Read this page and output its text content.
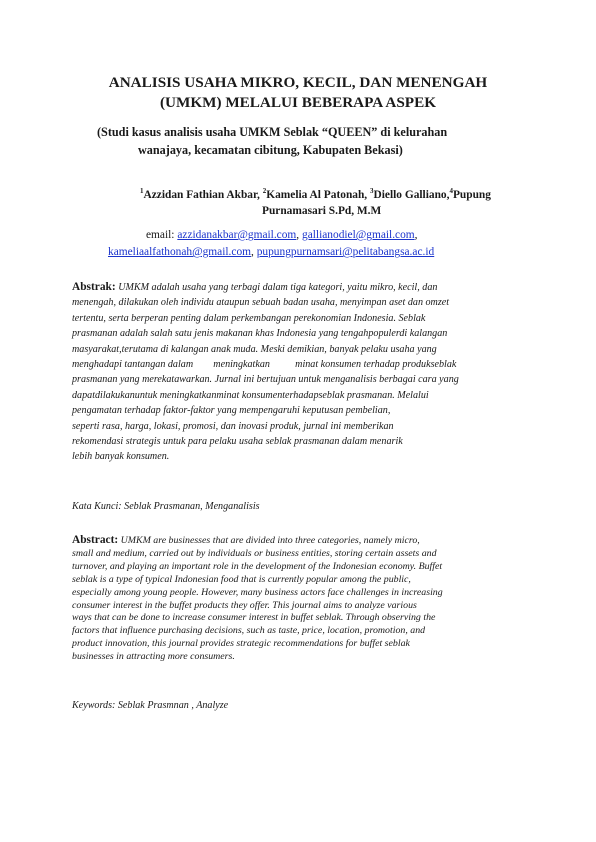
ANALISIS USAHA MIKRO, KECIL, DAN MENENGAH
(UMKM) MELALUI BEBERAPA ASPEK
(Studi kasus analisis usaha UMKM Seblak “QUEEN” di kelurahan
wanajaya, kecamatan cibitung, Kabupaten Bekasi)
$^1$Azzidan Fathian Akbar, $^2$Kamelia Al Patonah, $^3$Diello Galliano,$^4$Pupung
Purnamasari S.Pd, M.M
email: azzidanakbar@gmail.com, gallianodiel@gmail.com,
kameliaalfathonah@gmail.com, pupungpurnamsari@pelitabangsa.ac.id
Abstrak: UMKM adalah usaha yang terbagi dalam tiga kategori, yaitu mikro, kecil, dan
menengah, dilakukan oleh individu ataupun sebuah badan usaha, menyimpan aset dan omzet
tertentu, serta berperan penting dalam perkembangan perekonomian Indonesia. Seblak
prasmanan adalah salah satu jenis makanan khas Indonesia yang tengahpopulerdi kalangan
masyarakat,terutama di kalangan anak muda. Meski demikian, banyak pelaku usaha yang
menghadapi tantangan dalam        meningkatkan          minat konsumen terhadap produkseblak
prasmanan yang merekatawarkan. Jurnal ini bertujuan untuk menganalisis berbagai cara yang
dapatdilakukanuntuk meningkatkanminat konsumenterhadapseblak prasmanan. Melalui
pengamatan terhadap faktor-faktor yang mempengaruhi keputusan pembelian,
seperti rasa, harga, lokasi, promosi, dan inovasi produk, jurnal ini memberikan
rekomendasi strategis untuk para pelaku usaha seblak prasmanan dalam menarik
lebih banyak konsumen.
Kata Kunci: Seblak Prasmanan, Menganalisis
Abstract: UMKM are businesses that are divided into three categories, namely micro,
small and medium, carried out by individuals or business entities, storing certain assets and
turnover, and playing an important role in the development of the Indonesian economy. Buffet
seblak is a type of typical Indonesian food that is currently popular among the public,
especially among young people. However, many business actors face challenges in increasing
consumer interest in the buffet products they offer. This journal aims to analyze various
ways that can be done to increase consumer interest in buffet seblak. Through observing the
factors that influence purchasing decisions, such as taste, price, location, promotion, and
product innovation, this journal provides strategic recommendations for buffet seblak
businesses in attracting more consumers.
Keywords: Seblak Prasmnan , Analyze
